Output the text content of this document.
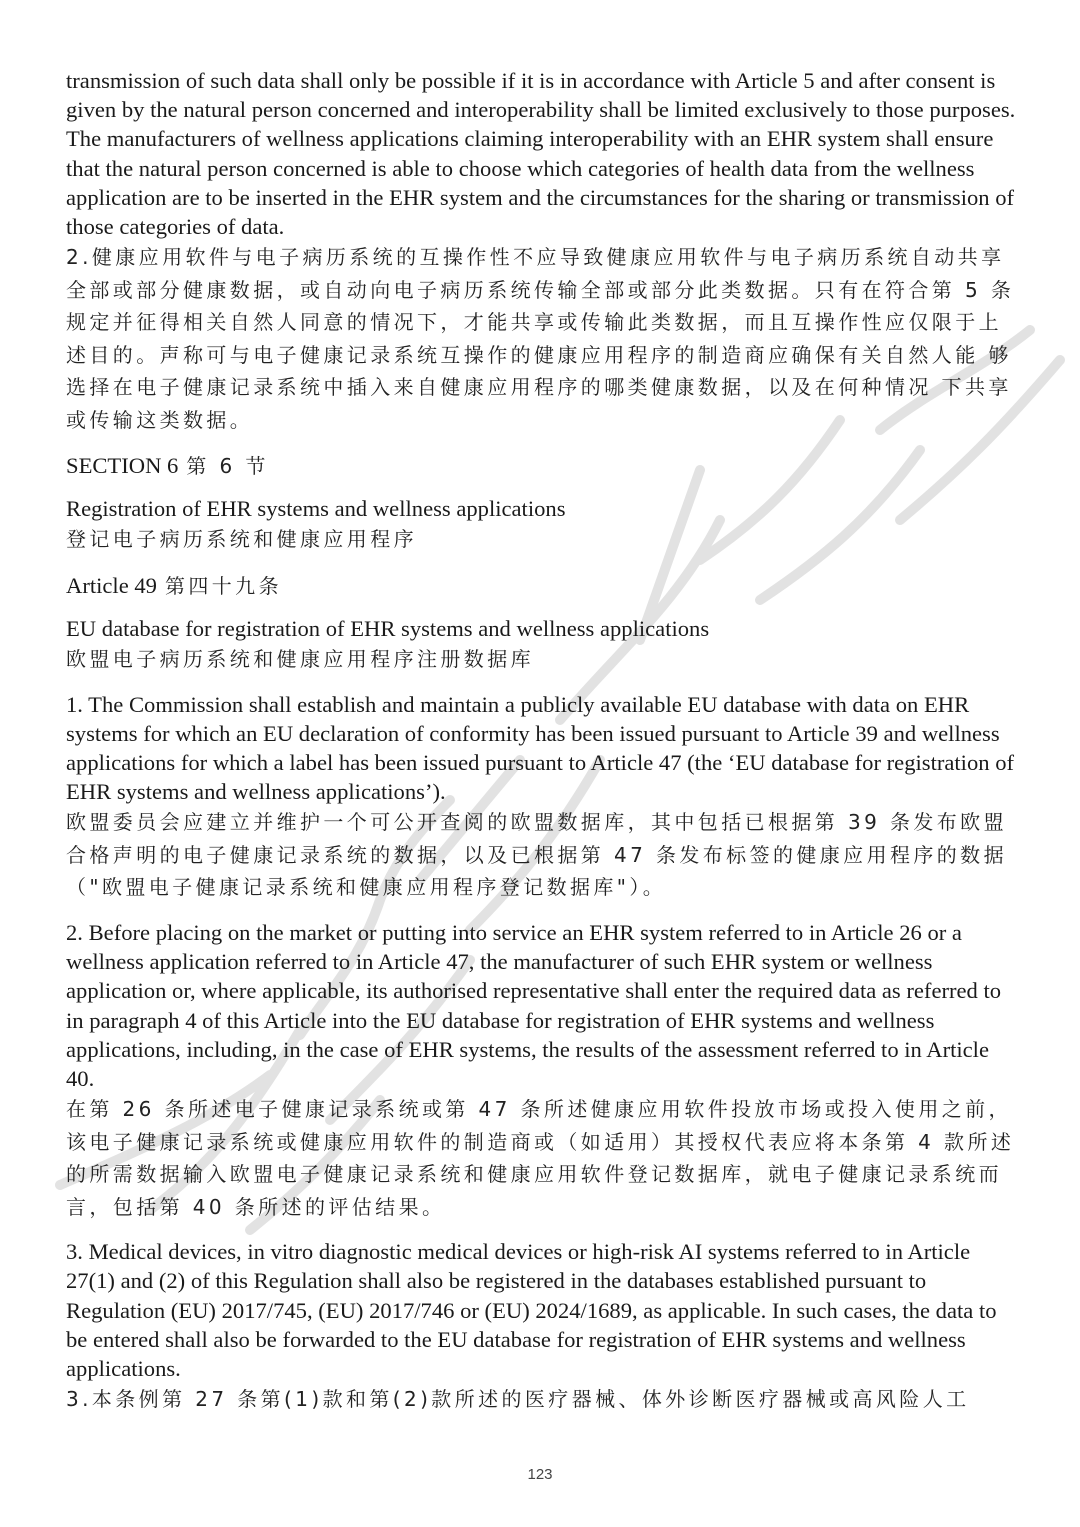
transmission of such data shall only be possible if it is in accordance with Article 5 and after consent is given by the natural person concerned and interoperability shall be limited exclusively to those purposes. The manufacturers of wellness applications claiming interoperability with an EHR system shall ensure that the natural person concerned is able to choose which categories of health data from the wellness application are to be inserted in the EHR system and the circumstances for the sharing or transmission of those categories of data.

2.健康应用软件与电子病历系统的互操作性不应导致健康应用软件与电子病历系统自动共享全部或部分健康数据，或自动向电子病历系统传输全部或部分此类数据。只有在符合第 5 条规定并征得相关自然人同意的情况下，才能共享或传输此类数据，而且互操作性应仅限于上述目的。声称可与电子健康记录系统互操作的健康应用程序的制造商应确保有关自然人能 够选择在电子健康记录系统中插入来自健康应用程序的哪类健康数据，以及在何种情况 下共享或传输这类数据。

SECTION 6 第 6 节

Registration of EHR systems and wellness applications

登记电子病历系统和健康应用程序

Article 49 第四十九条

EU database for registration of EHR systems and wellness applications

欧盟电子病历系统和健康应用程序注册数据库

1. The Commission shall establish and maintain a publicly available EU database with data on EHR systems for which an EU declaration of conformity has been issued pursuant to Article 39 and wellness applications for which a label has been issued pursuant to Article 47 (the ‘EU database for registration of EHR systems and wellness applications’).

欧盟委员会应建立并维护一个可公开查阅的欧盟数据库，其中包括已根据第 39 条发布欧盟合格声明的电子健康记录系统的数据，以及已根据第 47 条发布标签的健康应用程序的数据（"欧盟电子健康记录系统和健康应用程序登记数据库"）。

2. Before placing on the market or putting into service an EHR system referred to in Article 26 or a wellness application referred to in Article 47, the manufacturer of such EHR system or wellness application or, where applicable, its authorised representative shall enter the required data as referred to in paragraph 4 of this Article into the EU database for registration of EHR systems and wellness applications, including, in the case of EHR systems, the results of the assessment referred to in Article 40.

在第 26 条所述电子健康记录系统或第 47 条所述健康应用软件投放市场或投入使用之前，该电子健康记录系统或健康应用软件的制造商或（如适用）其授权代表应将本条第 4 款所述的所需数据输入欧盟电子健康记录系统和健康应用软件登记数据库，就电子健康记录系统而言，包括第 40 条所述的评估结果。

3. Medical devices, in vitro diagnostic medical devices or high-risk AI systems referred to in Article 27(1) and (2) of this Regulation shall also be registered in the databases established pursuant to Regulation (EU) 2017/745, (EU) 2017/746 or (EU) 2024/1689, as applicable. In such cases, the data to be entered shall also be forwarded to the EU database for registration of EHR systems and wellness applications.

3.本条例第 27 条第(1)款和第(2)款所述的医疗器械、体外诊断医疗器械或高风险人工

123
